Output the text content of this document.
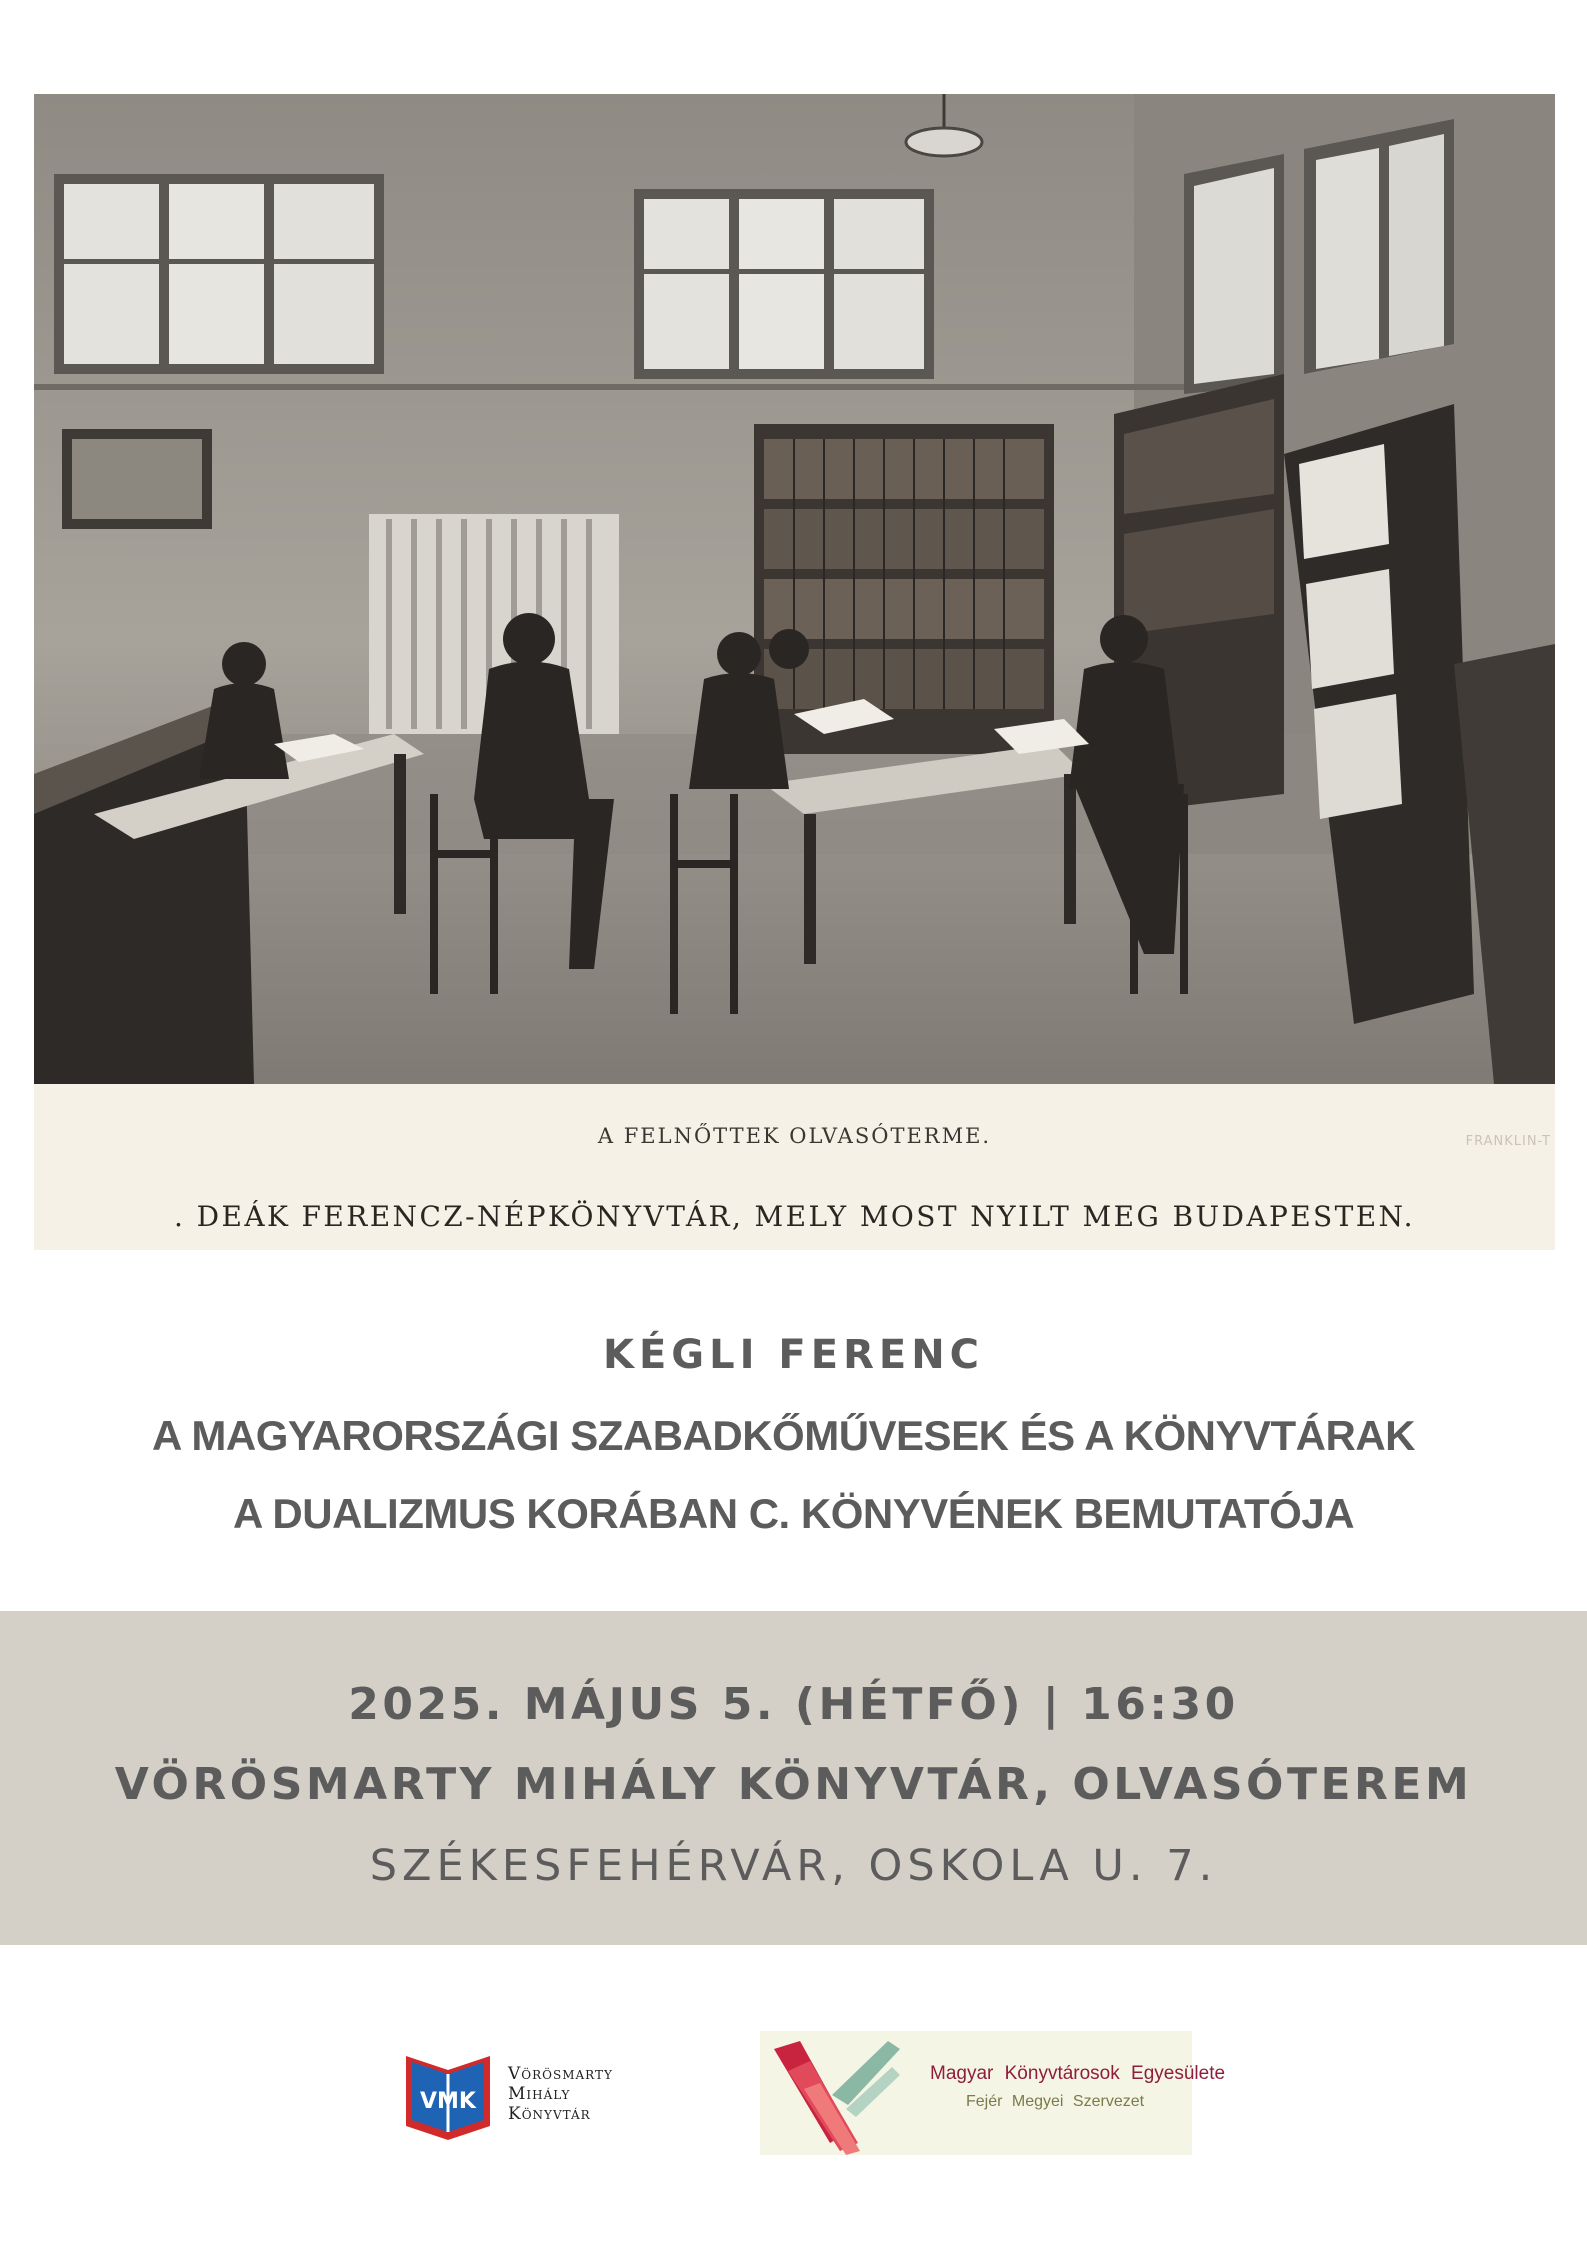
FRANKLIN-T
A FELNŐTTEK OLVASÓTERME.
. DEÁK FERENCZ-NÉPKÖNYVTÁR, MELY MOST NYILT MEG BUDAPESTEN.
KÉGLI FERENC
A MAGYARORSZÁGI SZABADKŐMŰVESEK ÉS A KÖNYVTÁRAK
A DUALIZMUS KORÁBAN C. KÖNYVÉNEK BEMUTATÓJA
2025. MÁJUS 5. (HÉTFŐ) | 16:30
VÖRÖSMARTY MIHÁLY KÖNYVTÁR, OLVASÓTEREM
SZÉKESFEHÉRVÁR, OSKOLA U. 7.
VMK
Vörösmarty
Mihály
Könyvtár
Magyar Könyvtárosok Egyesülete
Fejér Megyei Szervezet
